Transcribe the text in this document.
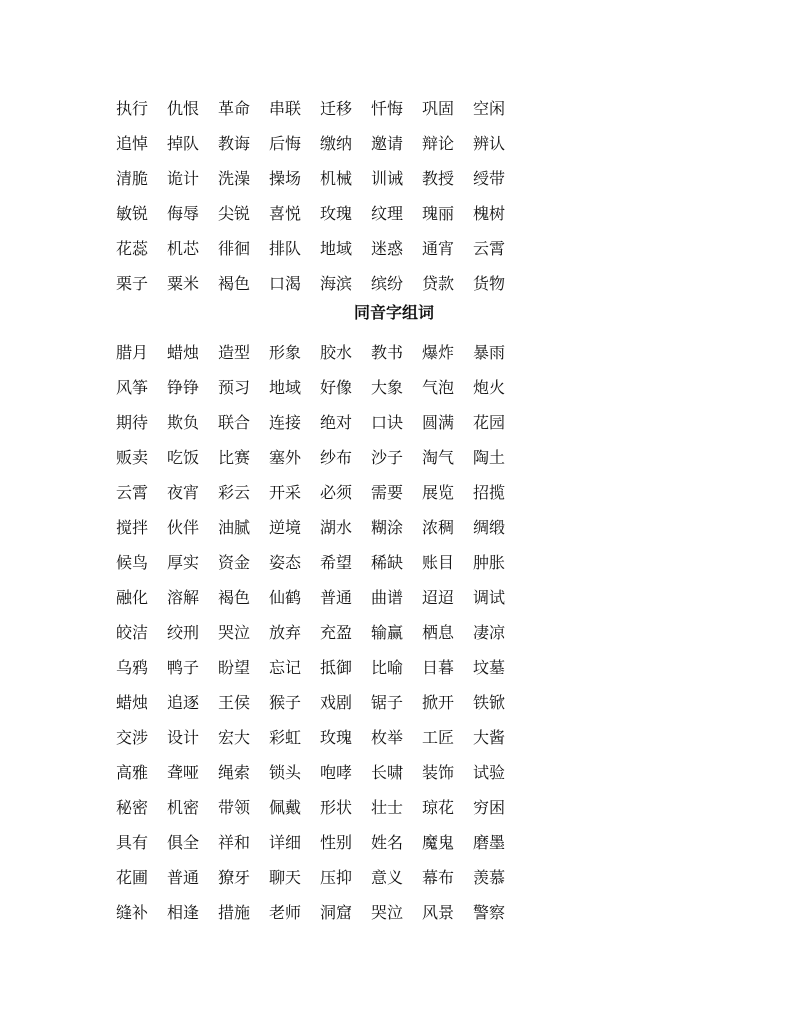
执行	仇恨	革命	串联	迁移	忏悔	巩固	空闲
追悼	掉队	教诲	后悔	缴纳	邀请	辩论	辨认
清脆	诡计	洗澡	操场	机械	训诫	教授	绶带
敏锐	侮辱	尖锐	喜悦	玫瑰	纹理	瑰丽	槐树
花蕊	机芯	徘徊	排队	地域	迷惑	通宵	云霄
栗子	粟米	褐色	口渴	海滨	缤纷	贷款	货物
同音字组词
腊月	蜡烛	造型	形象	胶水	教书	爆炸	暴雨
风筝	铮铮	预习	地域	好像	大象	气泡	炮火
期待	欺负	联合	连接	绝对	口诀	圆满	花园
贩卖	吃饭	比赛	塞外	纱布	沙子	淘气	陶土
云霄	夜宵	彩云	开采	必须	需要	展览	招揽
搅拌	伙伴	油腻	逆境	湖水	糊涂	浓稠	绸缎
候鸟	厚实	资金	姿态	希望	稀缺	账目	肿胀
融化	溶解	褐色	仙鹤	普通	曲谱	迢迢	调试
皎洁	绞刑	哭泣	放弃	充盈	输赢	栖息	凄凉
乌鸦	鸭子	盼望	忘记	抵御	比喻	日暮	坟墓
蜡烛	追逐	王侯	猴子	戏剧	锯子	掀开	铁锨
交涉	设计	宏大	彩虹	玫瑰	枚举	工匠	大酱
高雅	聋哑	绳索	锁头	咆哮	长啸	装饰	试验
秘密	机密	带领	佩戴	形状	壮士	琼花	穷困
具有	俱全	祥和	详细	性别	姓名	魔鬼	磨墨
花圃	普通	獠牙	聊天	压抑	意义	幕布	羡慕
缝补	相逢	措施	老师	洞窟	哭泣	风景	警察
